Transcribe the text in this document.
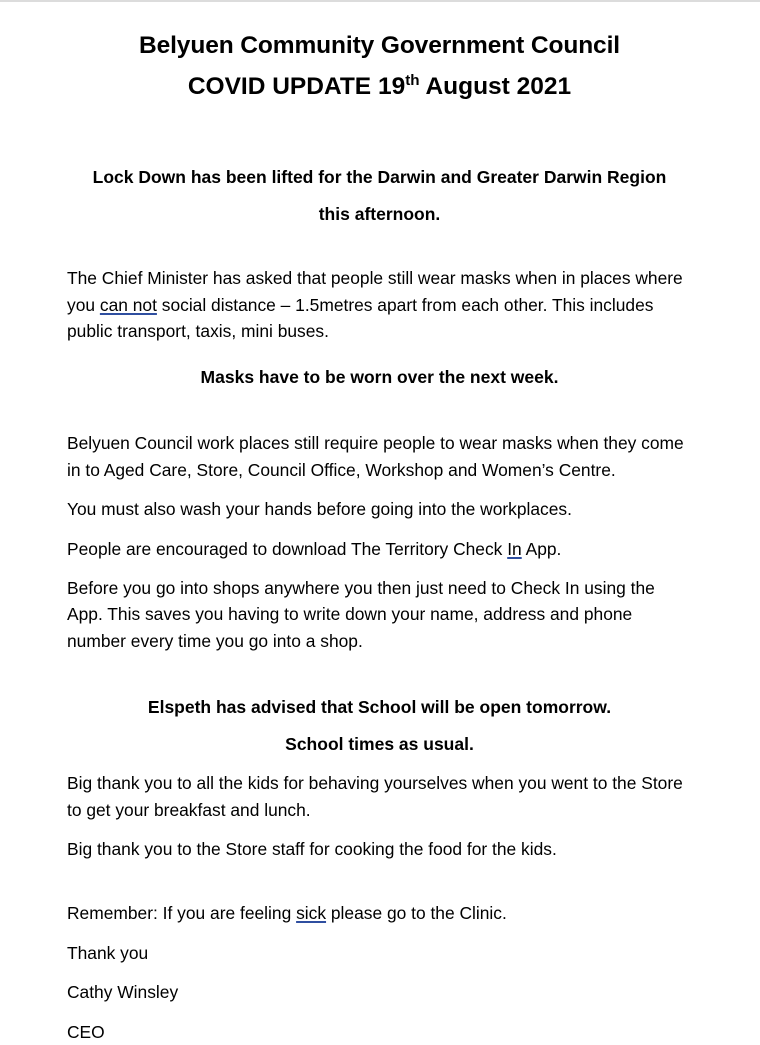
Belyuen Community Government Council
COVID UPDATE 19th August 2021
Lock Down has been lifted for the Darwin and Greater Darwin Region
this afternoon.
The Chief Minister has asked that people still wear masks when in places where you can not social distance – 1.5metres apart from each other. This includes public transport, taxis, mini buses.
Masks have to be worn over the next week.
Belyuen Council work places still require people to wear masks when they come in to Aged Care, Store, Council Office, Workshop and Women’s Centre.
You must also wash your hands before going into the workplaces.
People are encouraged to download The Territory Check In App.
Before you go into shops anywhere you then just need to Check In using the App. This saves you having to write down your name, address and phone number every time you go into a shop.
Elspeth has advised that School will be open tomorrow.
School times as usual.
Big thank you to all the kids for behaving yourselves when you went to the Store to get your breakfast and lunch.
Big thank you to the Store staff for cooking the food for the kids.
Remember: If you are feeling sick please go to the Clinic.
Thank you
Cathy Winsley
CEO
